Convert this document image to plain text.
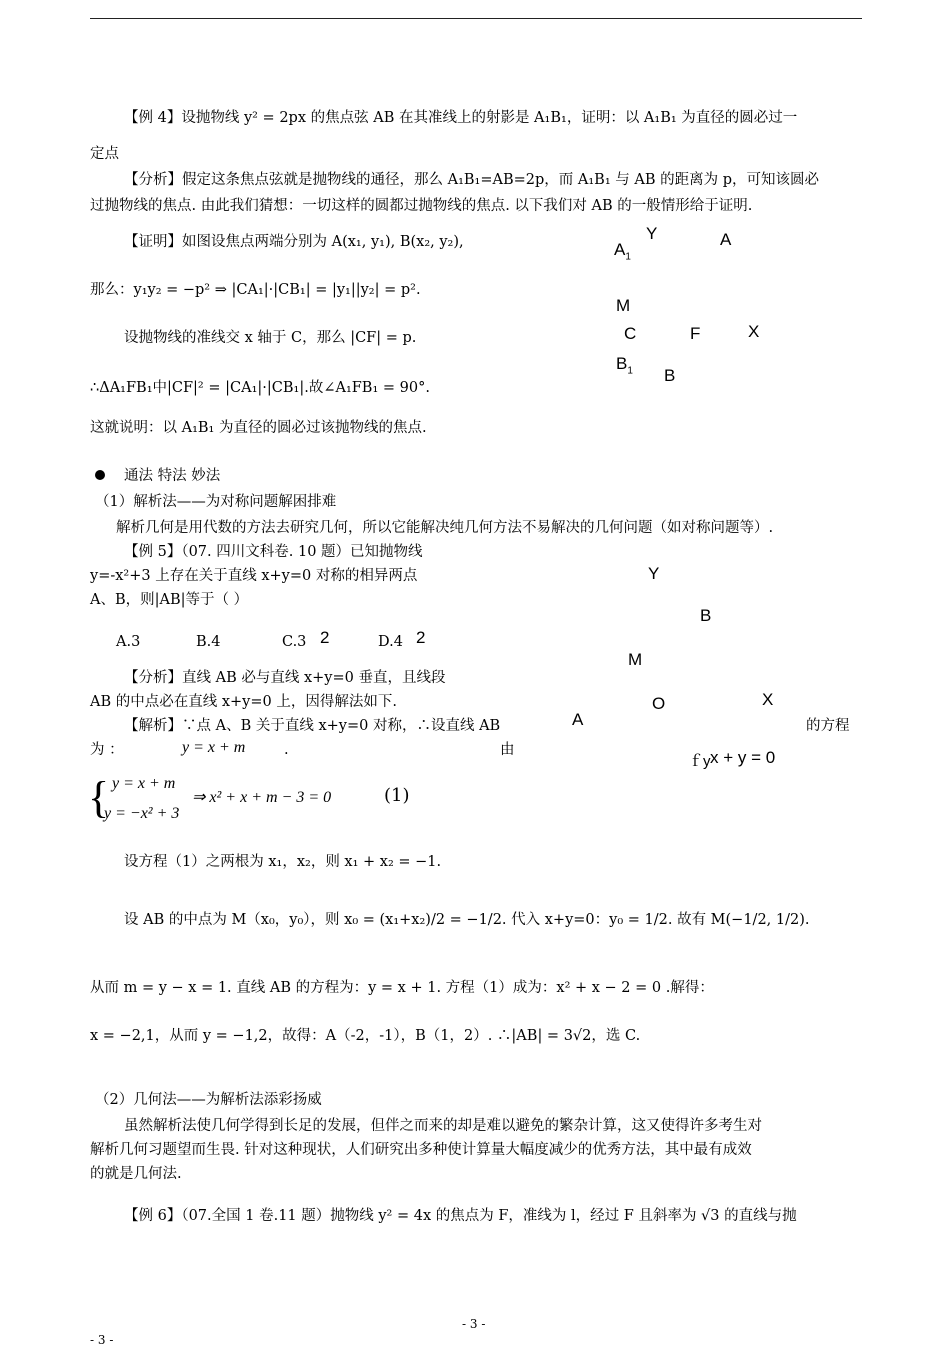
【例 4】设抛物线 y² = 2px 的焦点弦 AB 在其准线上的射影是 A₁B₁，证明：以 A₁B₁ 为直径的圆必过一
定点
【分析】假定这条焦点弦就是抛物线的通径，那么 A₁B₁=AB=2p，而 A₁B₁ 与 AB 的距离为 p，可知该圆必
过抛物线的焦点. 由此我们猜想：一切这样的圆都过抛物线的焦点. 以下我们对 AB 的一般情形给于证明.
【证明】如图设焦点两端分别为 A(x₁, y₁), B(x₂, y₂),
那么：y₁y₂ = −p² ⇒ |CA₁|·|CB₁| = |y₁||y₂| = p².
设抛物线的准线交 x 轴于 C，那么 |CF| = p.
∴ΔA₁FB₁中|CF|² = |CA₁|·|CB₁|.故∠A₁FB₁ = 90°.
这就说明：以 A₁B₁ 为直径的圆必过该抛物线的焦点.
Y	A
$A_1$
M
C	F	X
$B_1$ B
通法 特法 妙法
（1）解析法——为对称问题解困排难
解析几何是用代数的方法去研究几何，所以它能解决纯几何方法不易解决的几何问题（如对称问题等）.
【例 5】（07. 四川文科卷. 10 题）已知抛物线
y=-x²+3 上存在关于直线 x+y=0 对称的相异两点
A、B，则|AB|等于（ ）
A.3	B.4	C.3 2	D.4 2
【分析】直线 AB 必与直线 x+y=0 垂直，且线段
AB 的中点必在直线 x+y=0 上，因得解法如下.
【解析】∵点 A、B 关于直线 x+y=0 对称，∴设直线 AB	的方程
为 ：	y = x + m	.	由
{ y = x + m
y = −x² + 3
⇒ x² + x + m − 3 = 0	(1)
设方程（1）之两根为 x₁，x₂，则 x₁ + x₂ = −1.
设 AB 的中点为 M（x₀，y₀），则 x₀ = (x₁+x₂)/2 = −1/2. 代入 x+y=0：y₀ = 1/2. 故有 M(−1/2, 1/2).
从而 m = y − x = 1. 直线 AB 的方程为：y = x + 1. 方程（1）成为：x² + x − 2 = 0 .解得：
x = −2,1，从而 y = −1,2，故得：A（-2，-1），B（1，2）. ∴|AB| = 3√2，选 C.
Y
B
M
O	X
A
ｆy x + y = 0
（2）几何法——为解析法添彩扬威
虽然解析法使几何学得到长足的发展，但伴之而来的却是难以避免的繁杂计算，这又使得许多考生对
解析几何习题望而生畏. 针对这种现状，人们研究出多种使计算量大幅度减少的优秀方法，其中最有成效
的就是几何法.
【例 6】（07.全国 1 卷.11 题）抛物线 y² = 4x 的焦点为 F，准线为 l，经过 F 且斜率为 √3 的直线与抛
- 3 -
- 3 -
